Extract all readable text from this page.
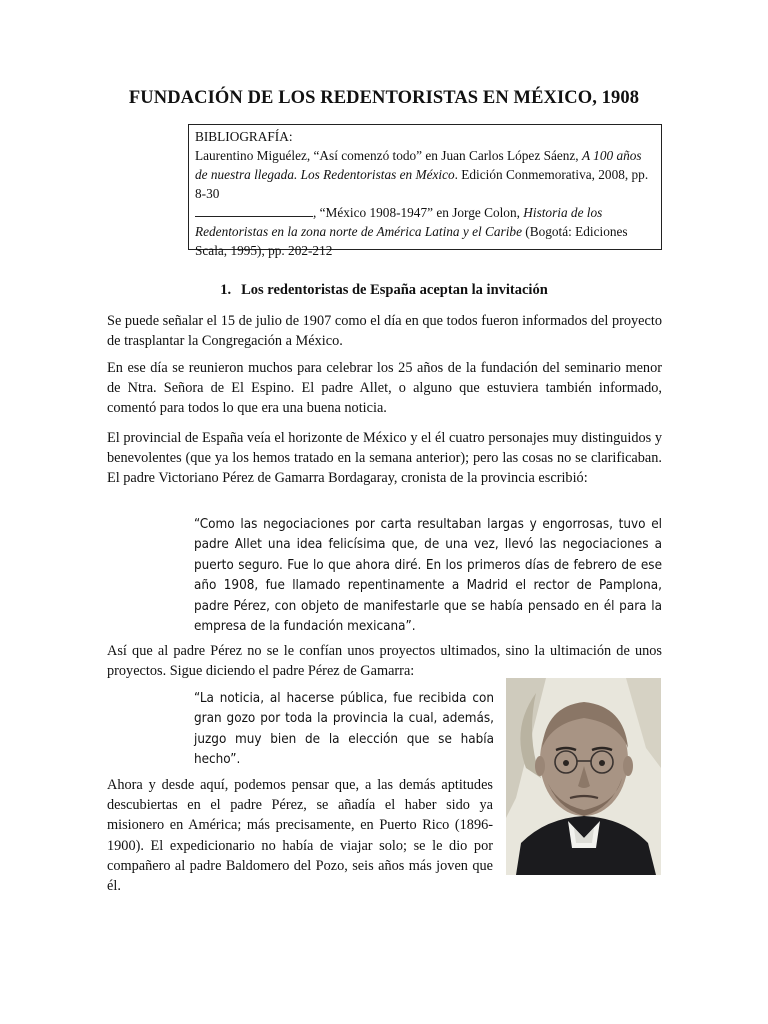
FUNDACIÓN DE LOS REDENTORISTAS EN MÉXICO, 1908

BIBLIOGRAFÍA:

Laurentino Miguélez, “Así comenzó todo” en Juan Carlos López Sáenz, A 100 años de nuestra llegada. Los Redentoristas en México. Edición Conmemorativa, 2008, pp. 8-30

, “México 1908-1947” en Jorge Colon, Historia de los Redentoristas en la zona norte de América Latina y el Caribe (Bogotá: Ediciones Scala, 1995), pp. 202-212

1. Los redentoristas de España aceptan la invitación

Se puede señalar el 15 de julio de 1907 como el día en que todos fueron informados del proyecto de trasplantar la Congregación a México.

En ese día se reunieron muchos para celebrar los 25 años de la fundación del seminario menor de Ntra. Señora de El Espino. El padre Allet, o alguno que estuviera también informado, comentó para todos lo que era una buena noticia.

El provincial de España veía el horizonte de México y el él cuatro personajes muy distinguidos y benevolentes (que ya los hemos tratado en la semana anterior); pero las cosas no se clarificaban. El padre Victoriano Pérez de Gamarra Bordagaray, cronista de la provincia escribió:

“Como las negociaciones por carta resultaban largas y engorrosas, tuvo el padre Allet una idea felicísima que, de una vez, llevó las negociaciones a puerto seguro. Fue lo que ahora diré. En los primeros días de febrero de ese año 1908, fue llamado repentinamente a Madrid el rector de Pamplona, padre Pérez, con objeto de manifestarle que se había pensado en él para la empresa de la fundación mexicana”.

Así que al padre Pérez no se le confían unos proyectos ultimados, sino la ultimación de unos proyectos. Sigue diciendo el padre Pérez de Gamarra:

“La noticia, al hacerse pública, fue recibida con gran gozo por toda la provincia la cual, además, juzgo muy bien de la elección que se había hecho”.

Ahora y desde aquí, podemos pensar que, a las demás aptitudes descubiertas en el padre Pérez, se añadía el haber sido ya misionero en América; más precisamente, en Puerto Rico (1896-1900). El expedicionario no había de viajar solo; se le dio por compañero al padre Baldomero del Pozo, seis años más joven que él.
